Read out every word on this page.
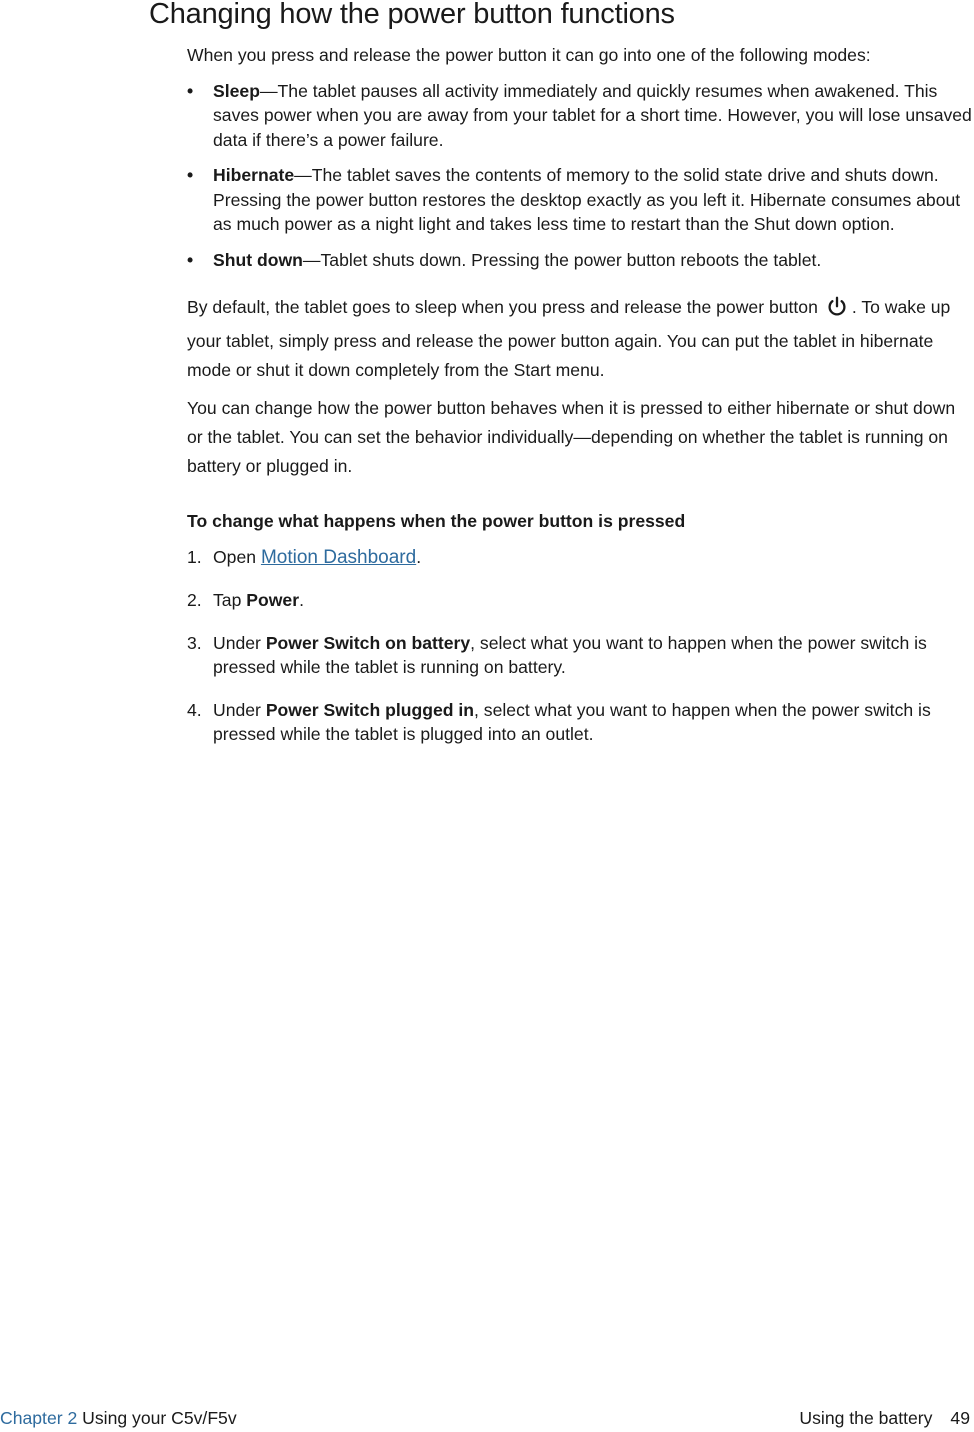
Changing how the power button functions

When you press and release the power button it can go into one of the following modes:

• Sleep—The tablet pauses all activity immediately and quickly resumes when awakened. This saves power when you are away from your tablet for a short time. However, you will lose unsaved data if there’s a power failure.
• Hibernate—The tablet saves the contents of memory to the solid state drive and shuts down. Pressing the power button restores the desktop exactly as you left it. Hibernate consumes about as much power as a night light and takes less time to restart than the Shut down option.
• Shut down—Tablet shuts down. Pressing the power button reboots the tablet.

By default, the tablet goes to sleep when you press and release the power button . To wake up your tablet, simply press and release the power button again. You can put the tablet in hibernate mode or shut it down completely from the Start menu.

You can change how the power button behaves when it is pressed to either hibernate or shut down or the tablet. You can set the behavior individually—depending on whether the tablet is running on battery or plugged in.

To change what happens when the power button is pressed

1. Open Motion Dashboard.
2. Tap Power.
3. Under Power Switch on battery, select what you want to happen when the power switch is pressed while the tablet is running on battery.
4. Under Power Switch plugged in, select what you want to happen when the power switch is pressed while the tablet is plugged into an outlet.
Chapter 2 Using your C5v/F5v	Using the battery 49
